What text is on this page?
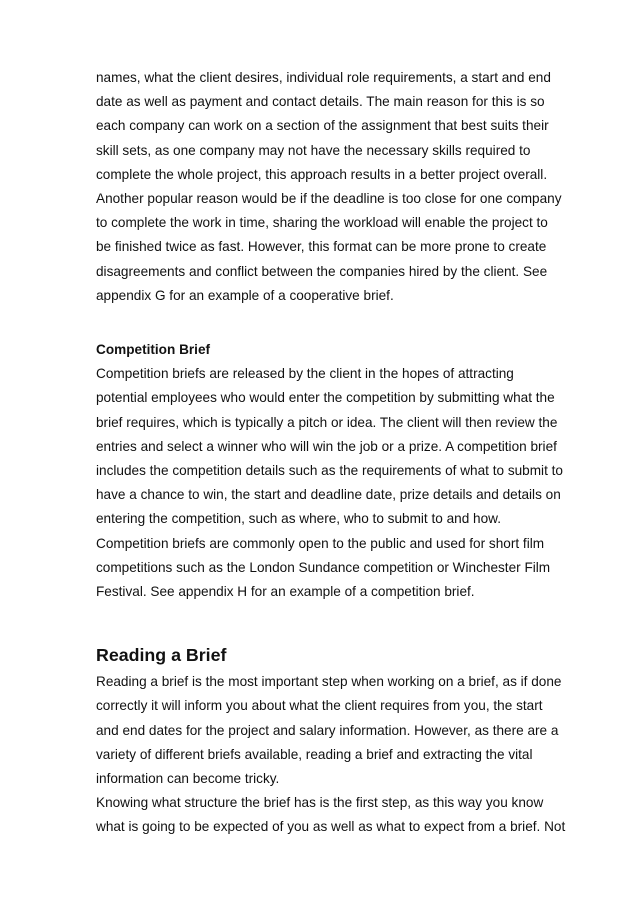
names, what the client desires, individual role requirements, a start and end
date as well as payment and contact details. The main reason for this is so
each company can work on a section of the assignment that best suits their
skill sets, as one company may not have the necessary skills required to
complete the whole project, this approach results in a better project overall.
Another popular reason would be if the deadline is too close for one company
to complete the work in time, sharing the workload will enable the project to
be finished twice as fast. However, this format can be more prone to create
disagreements and conflict between the companies hired by the client. See
appendix G for an example of a cooperative brief.
Competition Brief
Competition briefs are released by the client in the hopes of attracting
potential employees who would enter the competition by submitting what the
brief requires, which is typically a pitch or idea. The client will then review the
entries and select a winner who will win the job or a prize. A competition brief
includes the competition details such as the requirements of what to submit to
have a chance to win, the start and deadline date, prize details and details on
entering the competition, such as where, who to submit to and how.
Competition briefs are commonly open to the public and used for short film
competitions such as the London Sundance competition or Winchester Film
Festival. See appendix H for an example of a competition brief.
Reading a Brief
Reading a brief is the most important step when working on a brief, as if done
correctly it will inform you about what the client requires from you, the start
and end dates for the project and salary information. However, as there are a
variety of different briefs available, reading a brief and extracting the vital
information can become tricky.
Knowing what structure the brief has is the first step, as this way you know
what is going to be expected of you as well as what to expect from a brief. Not
